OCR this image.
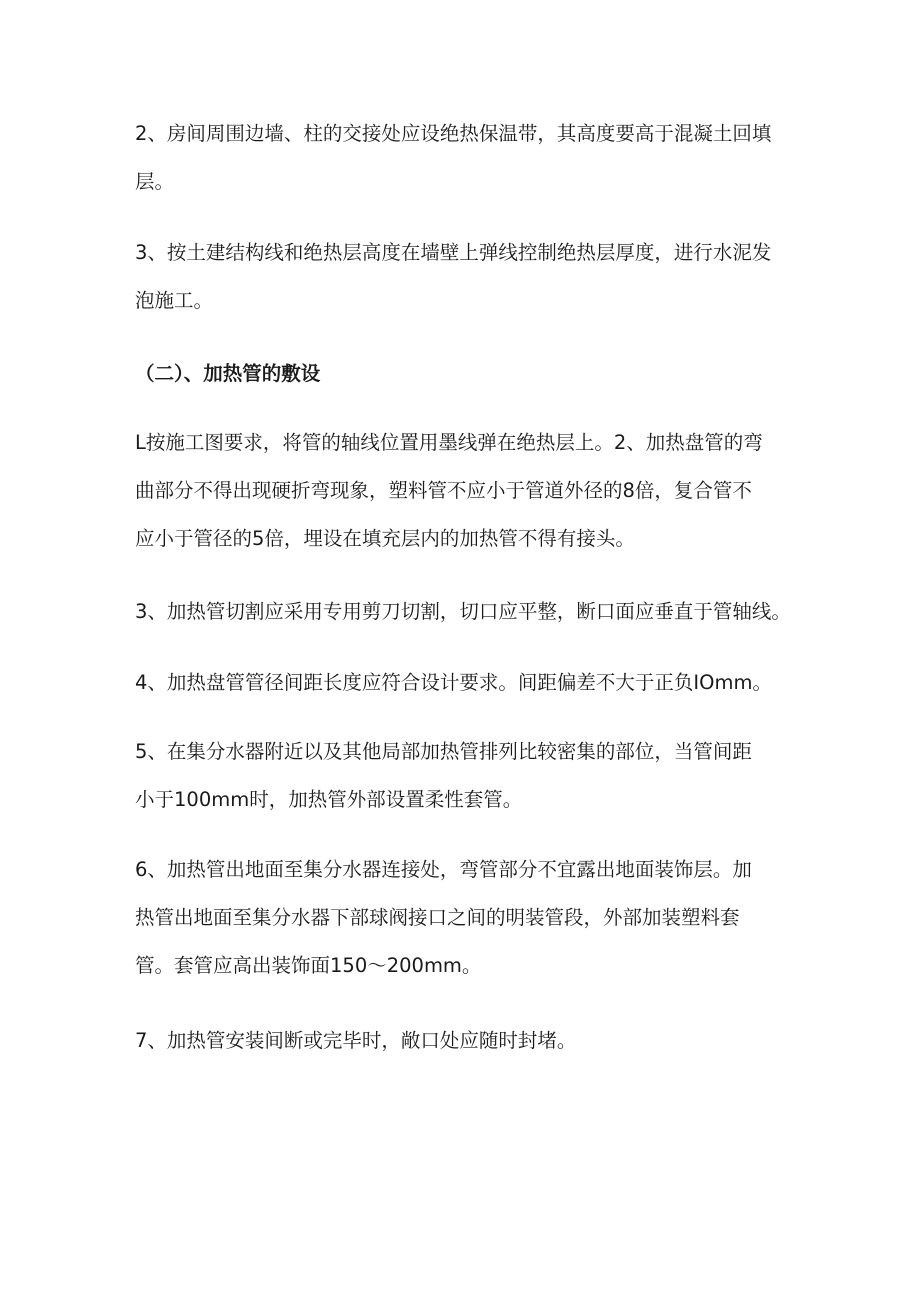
2、房间周围边墙、柱的交接处应设绝热保温带，其高度要高于混凝土回填
层。

3、按土建结构线和绝热层高度在墙壁上弹线控制绝热层厚度，进行水泥发
泡施工。

（二）、加热管的敷设

L按施工图要求，将管的轴线位置用墨线弹在绝热层上。2、加热盘管的弯
曲部分不得出现硬折弯现象，塑料管不应小于管道外径的8倍，复合管不
应小于管径的5倍，埋设在填充层内的加热管不得有接头。

3、加热管切割应采用专用剪刀切割，切口应平整，断口面应垂直于管轴线。

4、加热盘管管径间距长度应符合设计要求。间距偏差不大于正负IOmm。

5、在集分水器附近以及其他局部加热管排列比较密集的部位，当管间距
小于100mm时，加热管外部设置柔性套管。

6、加热管出地面至集分水器连接处，弯管部分不宜露出地面装饰层。加
热管出地面至集分水器下部球阀接口之间的明装管段，外部加装塑料套
管。套管应高出装饰面150～200mm。

7、加热管安装间断或完毕时，敞口处应随时封堵。
